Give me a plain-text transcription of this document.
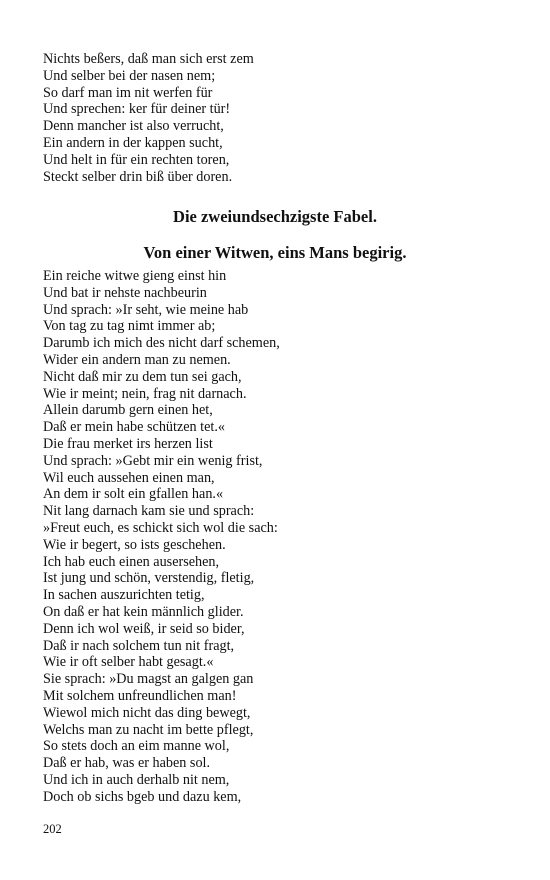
Nichts beßers, daß man sich erst zem
Und selber bei der nasen nem;
So darf man im nit werfen für
Und sprechen: ker für deiner tür!
Denn mancher ist also verrucht,
Ein andern in der kappen sucht,
Und helt in für ein rechten toren,
Steckt selber drin biß über doren.
Die zweiundsechzigste Fabel.
Von einer Witwen, eins Mans begirig.
Ein reiche witwe gieng einst hin
Und bat ir nehste nachbeurin
Und sprach: »Ir seht, wie meine hab
Von tag zu tag nimt immer ab;
Darumb ich mich des nicht darf schemen,
Wider ein andern man zu nemen.
Nicht daß mir zu dem tun sei gach,
Wie ir meint; nein, frag nit darnach.
Allein darumb gern einen het,
Daß er mein habe schützen tet.«
Die frau merket irs herzen list
Und sprach: »Gebt mir ein wenig frist,
Wil euch aussehen einen man,
An dem ir solt ein gfallen han.«
Nit lang darnach kam sie und sprach:
»Freut euch, es schickt sich wol die sach:
Wie ir begert, so ists geschehen.
Ich hab euch einen ausersehen,
Ist jung und schön, verstendig, fletig,
In sachen auszurichten tetig,
On daß er hat kein männlich glider.
Denn ich wol weiß, ir seid so bider,
Daß ir nach solchem tun nit fragt,
Wie ir oft selber habt gesagt.«
Sie sprach: »Du magst an galgen gan
Mit solchem unfreundlichen man!
Wiewol mich nicht das ding bewegt,
Welchs man zu nacht im bette pflegt,
So stets doch an eim manne wol,
Daß er hab, was er haben sol.
Und ich in auch derhalb nit nem,
Doch ob sichs bgeb und dazu kem,
202
